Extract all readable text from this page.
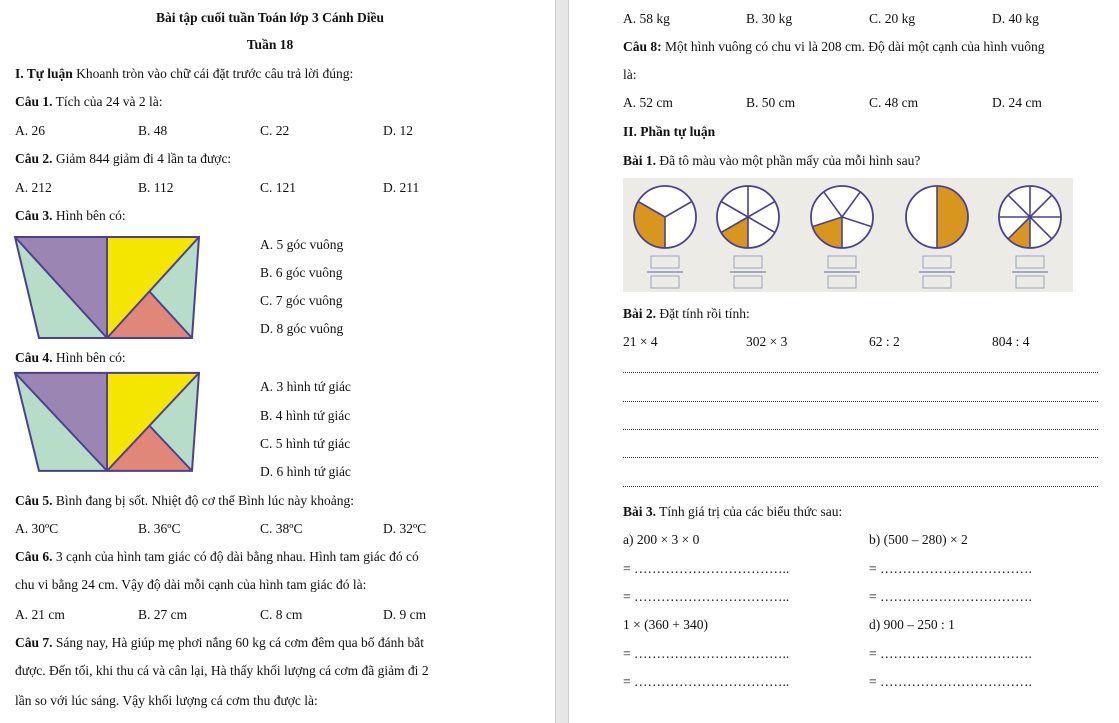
Bài tập cuối tuần Toán lớp 3 Cánh Diều
Tuần 18
I. Tự luận Khoanh tròn vào chữ cái đặt trước câu trả lời đúng:
Câu 1. Tích của 24 và 2 là:
A. 26	B. 48	C. 22	D. 12
Câu 2. Giảm 844 giảm đi 4 lần ta được:
A. 212	B. 112	C. 121	D. 211
Câu 3. Hình bên có:
A. 5 góc vuông
B. 6 góc vuông
C. 7 góc vuông
D. 8 góc vuông
Câu 4. Hình bên có:
A. 3 hình tứ giác
B. 4 hình tứ giác
C. 5 hình tứ giác
D. 6 hình tứ giác
Câu 5. Bình đang bị sốt. Nhiệt độ cơ thể Bình lúc này khoảng:
A. 30ºC	B. 36ºC	C. 38ºC	D. 32ºC
Câu 6. 3 cạnh của hình tam giác có độ dài bằng nhau. Hình tam giác đó có
chu vi bằng 24 cm. Vậy độ dài mỗi cạnh của hình tam giác đó là:
A. 21 cm	B. 27 cm	C. 8 cm	D. 9 cm
Câu 7. Sáng nay, Hà giúp mẹ phơi nắng 60 kg cá cơm đêm qua bố đánh bắt
được. Đến tối, khi thu cá và cân lại, Hà thấy khối lượng cá cơm đã giảm đi 2
lần so với lúc sáng. Vậy khối lượng cá cơm thu được là:
A. 58 kg	B. 30 kg	C. 20 kg	D. 40 kg
Câu 8: Một hình vuông có chu vi là 208 cm. Độ dài một cạnh của hình vuông
là:
A. 52 cm	B. 50 cm	C. 48 cm	D. 24 cm
II. Phần tự luận
Bài 1. Đã tô màu vào một phần mấy của mỗi hình sau?
Bài 2. Đặt tính rồi tính:
21 × 4	302 × 3	62 : 2	804 : 4
Bài 3. Tính giá trị của các biểu thức sau:
a) 200 × 3 × 0	b) (500 – 280) × 2
= ……………………………..	= …………………………….
= ……………………………..	= …………………………….
1 × (360 + 340)	d) 900 – 250 : 1
= ……………………………..	= …………………………….
= ……………………………..	= …………………………….
